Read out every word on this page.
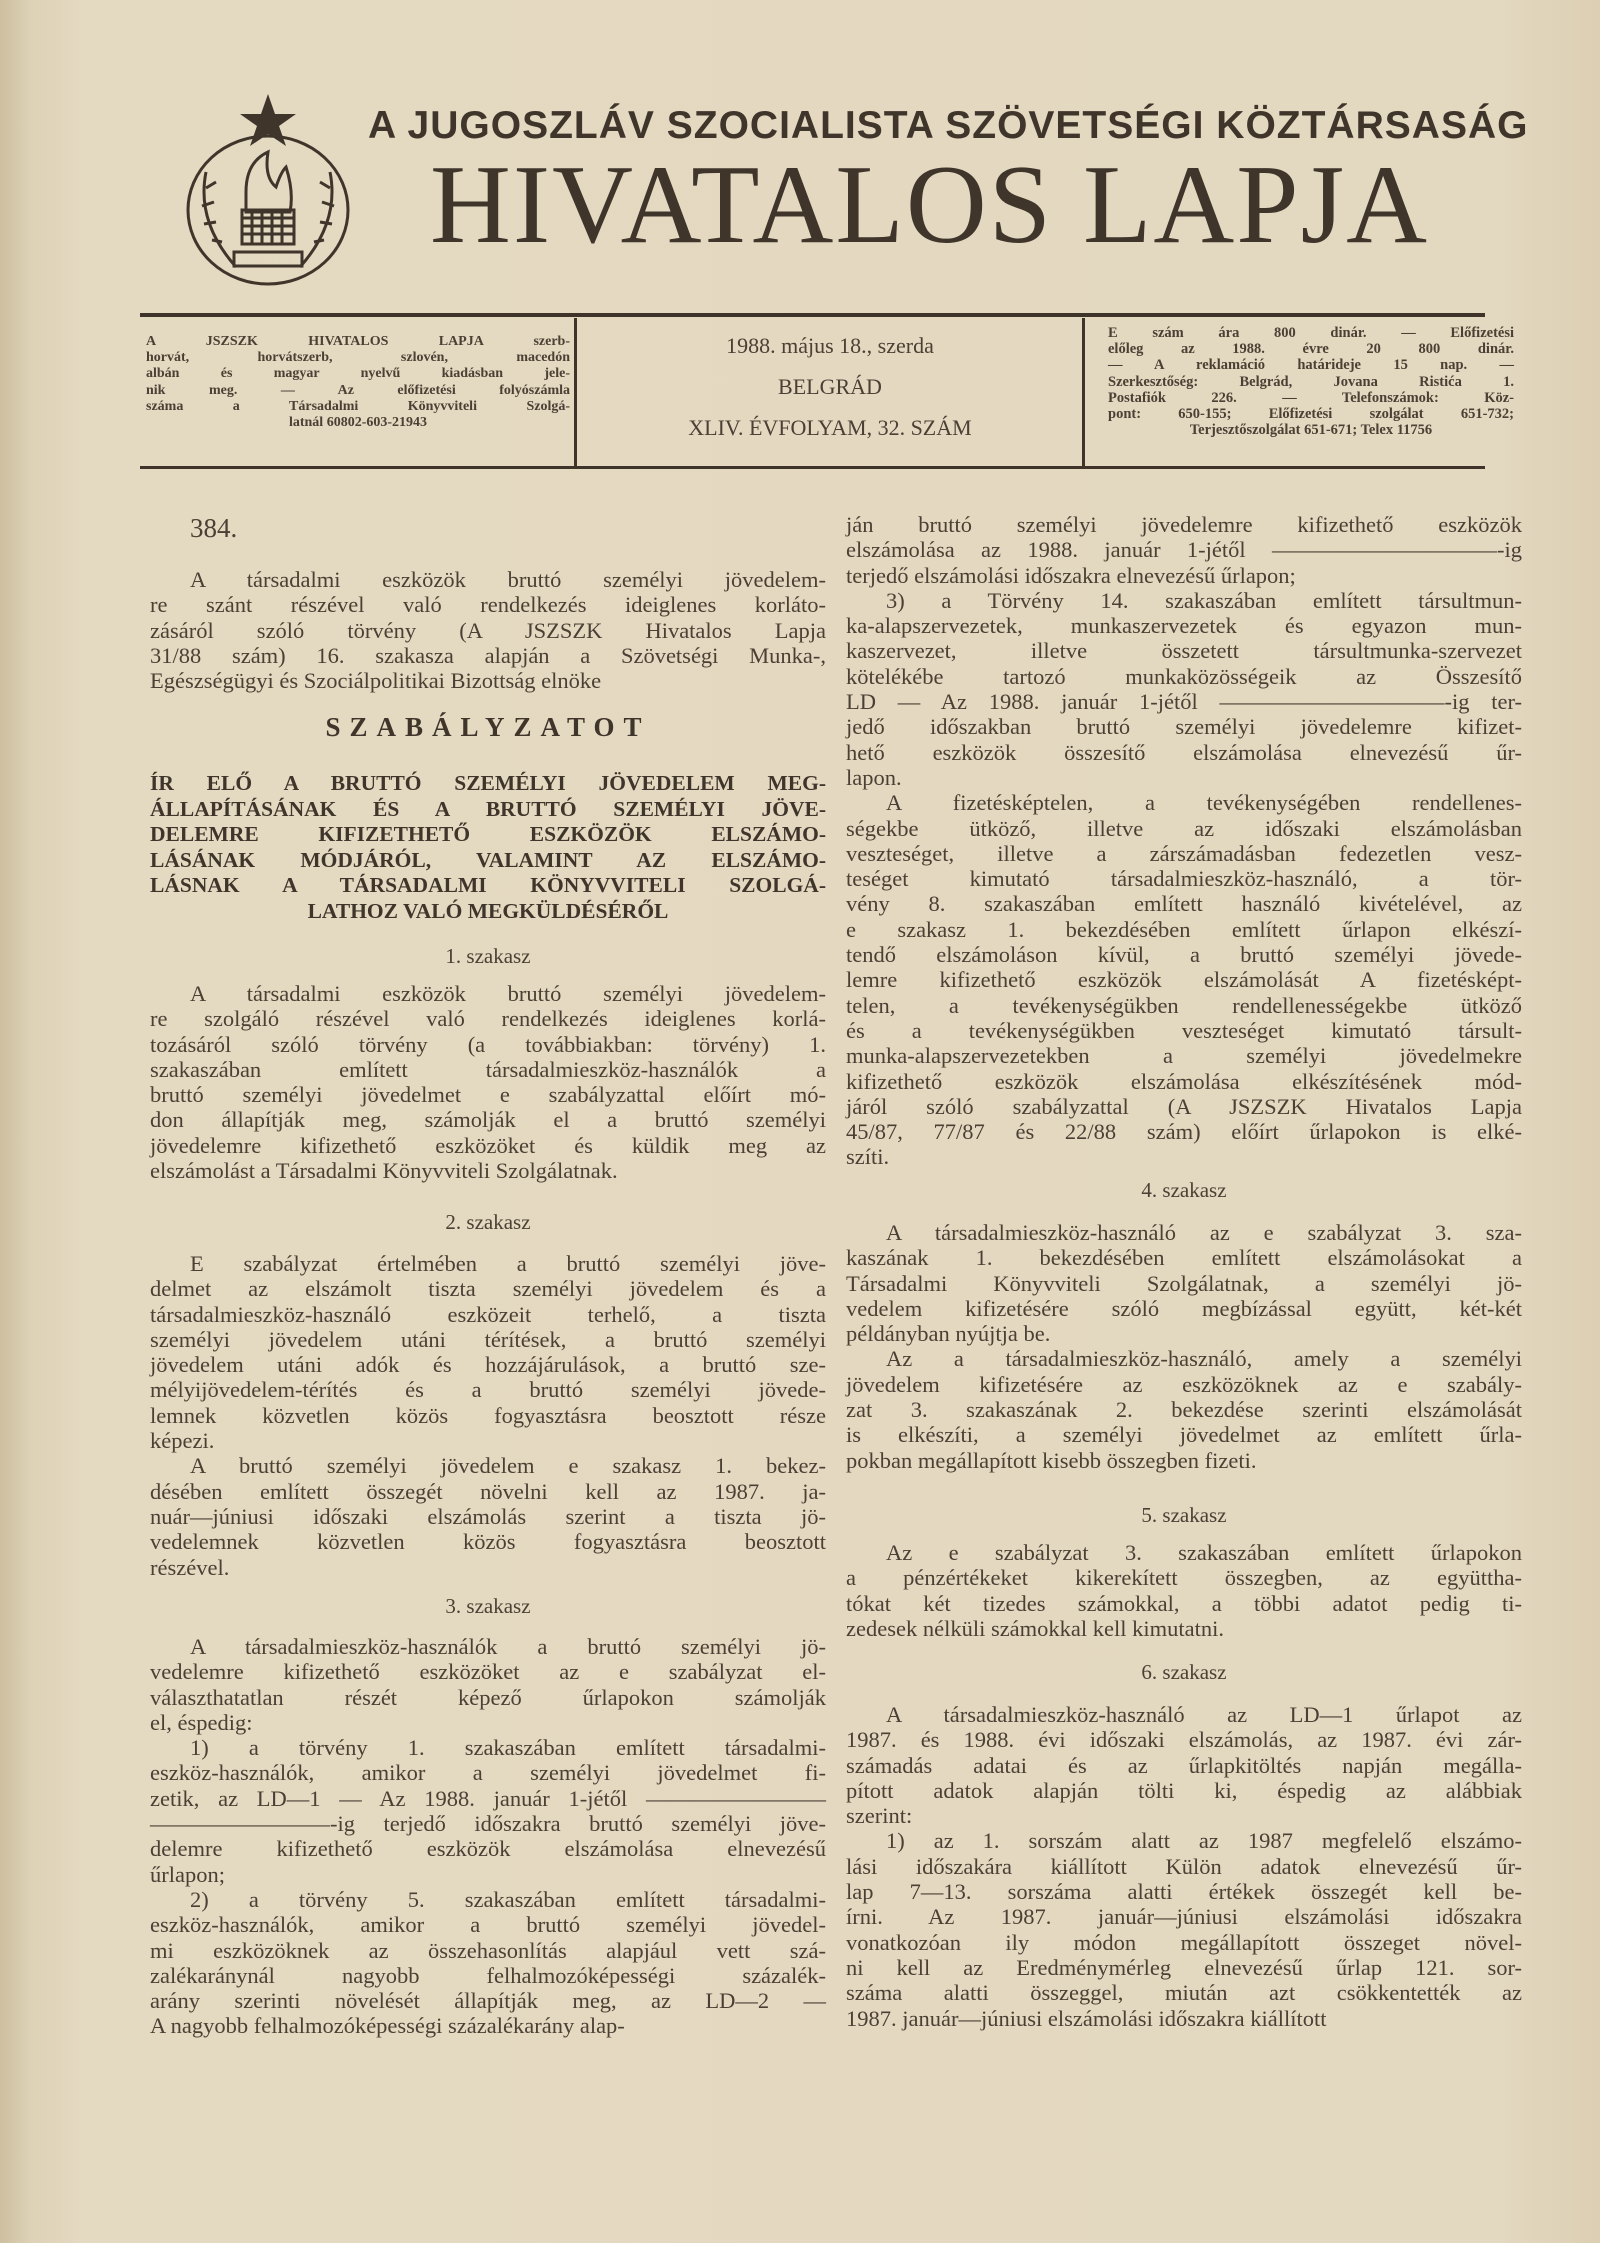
29 XI 1943
A JUGOSZLÁV SZOCIALISTA SZÖVETSÉGI KÖZTÁRSASÁG
HIVATALOS LAPJA
A JSZSZK HIVATALOS LAPJA szerb-
horvát, horvátszerb, szlovén, macedón
albán és magyar nyelvű kiadásban jele-
nik meg. — Az előfizetési folyószámla
száma a Társadalmi Könyvviteli Szolgá-
latnál 60802-603-21943
1988. május 18., szerda
BELGRÁD
XLIV. ÉVFOLYAM, 32. SZÁM
E szám ára 800 dinár. — Előfizetési
előleg az 1988. évre 20 800 dinár.
— A reklamáció határideje 15 nap. —
Szerkesztőség: Belgrád, Jovana Ristića 1.
Postafiók 226. — Telefonszámok: Köz-
pont: 650-155; Előfizetési szolgálat 651-732;
Terjesztőszolgálat 651-671; Telex 11756
384.
A társadalmi eszközök bruttó személyi jövedelem-
re szánt részével való rendelkezés ideiglenes korláto-
zásáról szóló törvény (A JSZSZK Hivatalos Lapja
31/88 szám) 16. szakasza alapján a Szövetségi Munka-,
Egészségügyi és Szociálpolitikai Bizottság elnöke
SZABÁLYZATOT
ÍR ELŐ A BRUTTÓ SZEMÉLYI JÖVEDELEM MEG-
ÁLLAPÍTÁSÁNAK ÉS A BRUTTÓ SZEMÉLYI JÖVE-
DELEMRE KIFIZETHETŐ ESZKÖZÖK ELSZÁMO-
LÁSÁNAK MÓDJÁRÓL, VALAMINT AZ ELSZÁMO-
LÁSNAK A TÁRSADALMI KÖNYVVITELI SZOLGÁ-
LATHOZ VALÓ MEGKÜLDÉSÉRŐL
1. szakasz
A társadalmi eszközök bruttó személyi jövedelem-
re szolgáló részével való rendelkezés ideiglenes korlá-
tozásáról szóló törvény (a továbbiakban: törvény) 1.
szakaszában említett társadalmieszköz-használók a
bruttó személyi jövedelmet e szabályzattal előírt mó-
don állapítják meg, számolják el a bruttó személyi
jövedelemre kifizethető eszközöket és küldik meg az
elszámolást a Társadalmi Könyvviteli Szolgálatnak.
2. szakasz
E szabályzat értelmében a bruttó személyi jöve-
delmet az elszámolt tiszta személyi jövedelem és a
társadalmieszköz-használó eszközeit terhelő, a tiszta
személyi jövedelem utáni térítések, a bruttó személyi
jövedelem utáni adók és hozzájárulások, a bruttó sze-
mélyijövedelem-térítés és a bruttó személyi jövede-
lemnek közvetlen közös fogyasztásra beosztott része
képezi.
A bruttó személyi jövedelem e szakasz 1. bekez-
désében említett összegét növelni kell az 1987. ja-
nuár—júniusi időszaki elszámolás szerint a tiszta jö-
vedelemnek közvetlen közös fogyasztásra beosztott
részével.
3. szakasz
A társadalmieszköz-használók a bruttó személyi jö-
vedelemre kifizethető eszközöket az e szabályzat el-
választhatatlan részét képező űrlapokon számolják
el, éspedig:
1) a törvény 1. szakaszában említett társadalmi-
eszköz-használók, amikor a személyi jövedelmet fi-
zetik, az LD—1 — Az 1988. január 1-jétől ————————
————————-ig terjedő időszakra bruttó személyi jöve-
delemre kifizethető eszközök elszámolása elnevezésű
űrlapon;
2) a törvény 5. szakaszában említett társadalmi-
eszköz-használók, amikor a bruttó személyi jövedel-
mi eszközöknek az összehasonlítás alapjául vett szá-
zalékaránynál nagyobb felhalmozóképességi százalék-
arány szerinti növelését állapítják meg, az LD—2 —
A nagyobb felhalmozóképességi százalékarány alap-
ján bruttó személyi jövedelemre kifizethető eszközök
elszámolása az 1988. január 1-jétől ——————————-ig
terjedő elszámolási időszakra elnevezésű űrlapon;
3) a Törvény 14. szakaszában említett társultmun-
ka-alapszervezetek, munkaszervezetek és egyazon mun-
kaszervezet, illetve összetett társultmunka-szervezet
kötelékébe tartozó munkaközösségeik az Összesítő
LD — Az 1988. január 1-jétől ——————————-ig ter-
jedő időszakban bruttó személyi jövedelemre kifizet-
hető eszközök összesítő elszámolása elnevezésű űr-
lapon.
A fizetésképtelen, a tevékenységében rendellenes-
ségekbe ütköző, illetve az időszaki elszámolásban
veszteséget, illetve a zárszámadásban fedezetlen vesz-
teséget kimutató társadalmieszköz-használó, a tör-
vény 8. szakaszában említett használó kivételével, az
e szakasz 1. bekezdésében említett űrlapon elkészí-
tendő elszámoláson kívül, a bruttó személyi jövede-
lemre kifizethető eszközök elszámolását A fizetésképt-
telen, a tevékenységükben rendellenességekbe ütköző
és a tevékenységükben veszteséget kimutató társult-
munka-alapszervezetekben a személyi jövedelmekre
kifizethető eszközök elszámolása elkészítésének mód-
járól szóló szabályzattal (A JSZSZK Hivatalos Lapja
45/87, 77/87 és 22/88 szám) előírt űrlapokon is elké-
szíti.
4. szakasz
A társadalmieszköz-használó az e szabályzat 3. sza-
kaszának 1. bekezdésében említett elszámolásokat a
Társadalmi Könyvviteli Szolgálatnak, a személyi jö-
vedelem kifizetésére szóló megbízással együtt, két-két
példányban nyújtja be.
Az a társadalmieszköz-használó, amely a személyi
jövedelem kifizetésére az eszközöknek az e szabály-
zat 3. szakaszának 2. bekezdése szerinti elszámolását
is elkészíti, a személyi jövedelmet az említett űrla-
pokban megállapított kisebb összegben fizeti.
5. szakasz
Az e szabályzat 3. szakaszában említett űrlapokon
a pénzértékeket kikerekített összegben, az együttha-
tókat két tizedes számokkal, a többi adatot pedig ti-
zedesek nélküli számokkal kell kimutatni.
6. szakasz
A társadalmieszköz-használó az LD—1 űrlapot az
1987. és 1988. évi időszaki elszámolás, az 1987. évi zár-
számadás adatai és az űrlapkitöltés napján megálla-
pított adatok alapján tölti ki, éspedig az alábbiak
szerint:
1) az 1. sorszám alatt az 1987 megfelelő elszámo-
lási időszakára kiállított Külön adatok elnevezésű űr-
lap 7—13. sorszáma alatti értékek összegét kell be-
írni. Az 1987. január—júniusi elszámolási időszakra
vonatkozóan ily módon megállapított összeget növel-
ni kell az Eredménymérleg elnevezésű űrlap 121. sor-
száma alatti összeggel, miután azt csökkentették az
1987. január—júniusi elszámolási időszakra kiállított
